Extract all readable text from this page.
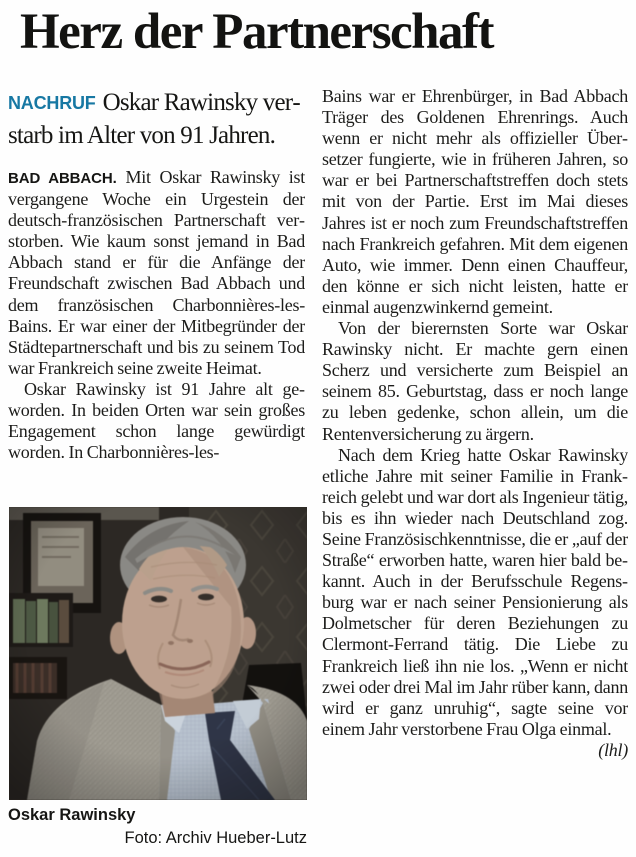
Herz der Partnerschaft
NACHRUF Oskar Rawinsky verstarb im Alter von 91 Jahren.

BAD ABBACH. Mit Oskar Rawinsky ist vergangene Woche ein Urgestein der deutsch-französischen Partnerschaft verstorben. Wie kaum sonst jemand in Bad Abbach stand er für die Anfänge der Freundschaft zwischen Bad Abbach und dem französischen Charbonnières-les-Bains. Er war einer der Mitbegründer der Städtepartnerschaft und bis zu seinem Tod war Frankreich seine zweite Heimat.

Oskar Rawinsky ist 91 Jahre alt geworden. In beiden Orten war sein großes Engagement schon lange gewürdigt worden. In Charbonnières-les-

Oskar Rawinsky
Foto: Archiv Hueber-Lutz

Bains war er Ehrenbürger, in Bad Abbach Träger des Goldenen Ehrenrings. Auch wenn er nicht mehr als offizieller Übersetzer fungierte, wie in früheren Jahren, so war er bei Partnerschaftstreffen doch stets mit von der Partie. Erst im Mai dieses Jahres ist er noch zum Freundschaftstreffen nach Frankreich gefahren. Mit dem eigenen Auto, wie immer. Denn einen Chauffeur, den könne er sich nicht leisten, hatte er einmal augenzwinkernd gemeint.

Von der bierernsten Sorte war Oskar Rawinsky nicht. Er machte gern einen Scherz und versicherte zum Beispiel an seinem 85. Geburtstag, dass er noch lange zu leben gedenke, schon allein, um die Rentenversicherung zu ärgern.

Nach dem Krieg hatte Oskar Rawinsky etliche Jahre mit seiner Familie in Frankreich gelebt und war dort als Ingenieur tätig, bis es ihn wieder nach Deutschland zog. Seine Französischkenntnisse, die er „auf der Straße“ erworben hatte, waren hier bald bekannt. Auch in der Berufsschule Regensburg war er nach seiner Pensionierung als Dolmetscher für deren Beziehungen zu Clermont-Ferrand tätig. Die Liebe zu Frankreich ließ ihn nie los. „Wenn er nicht zwei oder drei Mal im Jahr rüber kann, dann wird er ganz unruhig“, sagte seine vor einem Jahr verstorbene Frau Olga einmal.
(lhl)
